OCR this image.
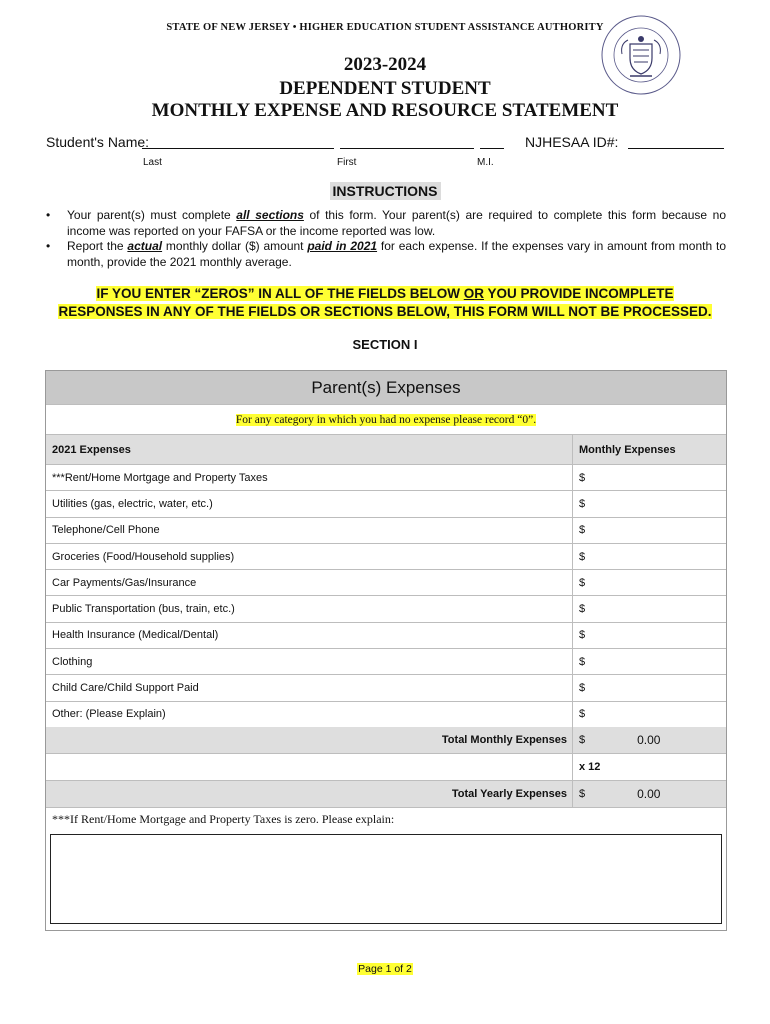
STATE OF NEW JERSEY • HIGHER EDUCATION STUDENT ASSISTANCE AUTHORITY
2023-2024
DEPENDENT STUDENT
MONTHLY EXPENSE AND RESOURCE STATEMENT
Student's Name:	NJHESAA ID#:
Last	First	M.I.
INSTRUCTIONS
• Your parent(s) must complete all sections of this form. Your parent(s) are required to complete this form because no income was reported on your FAFSA or the income reported was low.
• Report the actual monthly dollar ($) amount paid in 2021 for each expense. If the expenses vary in amount from month to month, provide the 2021 monthly average.
IF YOU ENTER “ZEROS” IN ALL OF THE FIELDS BELOW OR YOU PROVIDE INCOMPLETE
RESPONSES IN ANY OF THE FIELDS OR SECTIONS BELOW, THIS FORM WILL NOT BE PROCESSED.
SECTION I
Parent(s) Expenses
For any category in which you had no expense please record “0”.
2021 Expenses	Monthly Expenses
***Rent/Home Mortgage and Property Taxes	$
Utilities (gas, electric, water, etc.)	$
Telephone/Cell Phone	$
Groceries (Food/Household supplies)	$
Car Payments/Gas/Insurance	$
Public Transportation (bus, train, etc.)	$
Health Insurance (Medical/Dental)	$
Clothing	$
Child Care/Child Support Paid	$
Other: (Please Explain)	$
Total Monthly Expenses	$	0.00
x 12
Total Yearly Expenses	$	0.00
***If Rent/Home Mortgage and Property Taxes is zero. Please explain:
Page 1 of 2
